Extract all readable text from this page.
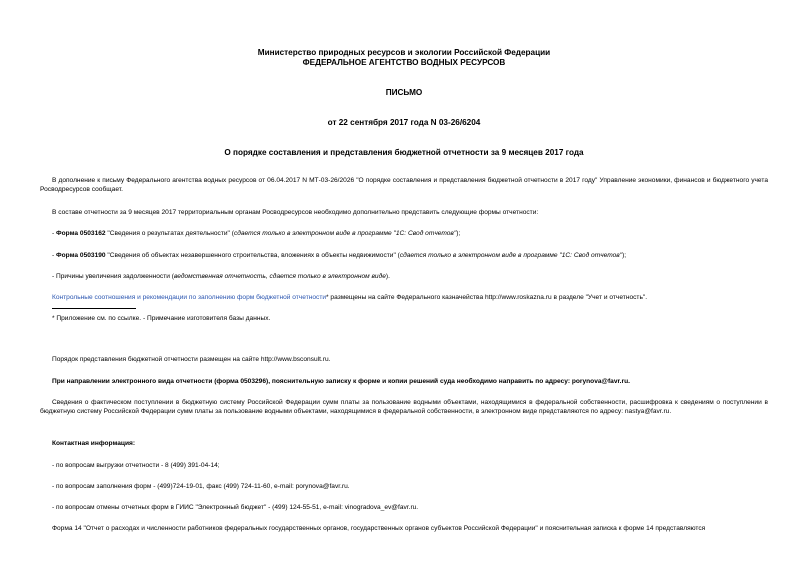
Министерство природных ресурсов и экологии Российской Федерации
ФЕДЕРАЛЬНОЕ АГЕНТСТВО ВОДНЫХ РЕСУРСОВ
ПИСЬМО
от 22 сентября 2017 года N 03-26/6204
О порядке составления и представления бюджетной отчетности за 9 месяцев 2017 года
В дополнение к письму Федерального агентства водных ресурсов от 06.04.2017 N МТ-03-26/2026 "О порядке составления и представления бюджетной отчетности в 2017 году" Управление экономики, финансов и бюджетного учета Росводресурсов сообщает.
В составе отчетности за 9 месяцев 2017 территориальным органам Росводресурсов необходимо дополнительно представить следующие формы отчетности:
- Форма 0503162 "Сведения о результатах деятельности" (сдается только в электронном виде в программе "1С: Свод отчетов");
- Форма 0503190 "Сведения об объектах незавершенного строительства, вложениях в объекты недвижимости" (сдается только в электронном виде в программе "1С: Свод отчетов");
- Причины увеличения задолженности (ведомственная отчетность, сдается только в электронном виде).
Контрольные соотношения и рекомендации по заполнению форм бюджетной отчетности* размещены на сайте Федерального казначейства http://www.roskazna.ru в разделе "Учет и отчетность".
* Приложение см. по ссылке. - Примечание изготовителя базы данных.
Порядок представления бюджетной отчетности размещен на сайте http://www.bsconsult.ru.
При направлении электронного вида отчетности (форма 0503296), пояснительную записку к форме и копии решений суда необходимо направить по адресу: porynova@favr.ru.
Сведения о фактическом поступлении в бюджетную систему Российской Федерации сумм платы за пользование водными объектами, находящимися в федеральной собственности, расшифровка к сведениям о поступлении в бюджетную систему Российской Федерации сумм платы за пользование водными объектами, находящимися в федеральной собственности, в электронном виде представляются по адресу: nastya@favr.ru.
Контактная информация:
- по вопросам выгрузки отчетности - 8 (499) 391-04-14;
- по вопросам заполнения форм - (499)724-19-01, факс (499) 724-11-60, e-mail: porynova@favr.ru.
- по вопросам отмены отчетных форм в ГИИС "Электронный бюджет" - (499) 124-55-51, e-mail: vinogradova_ev@favr.ru.
Форма 14 "Отчет о расходах и численности работников федеральных государственных органов, государственных органов субъектов Российской Федерации" и пояснительная записка к форме 14 представляются
